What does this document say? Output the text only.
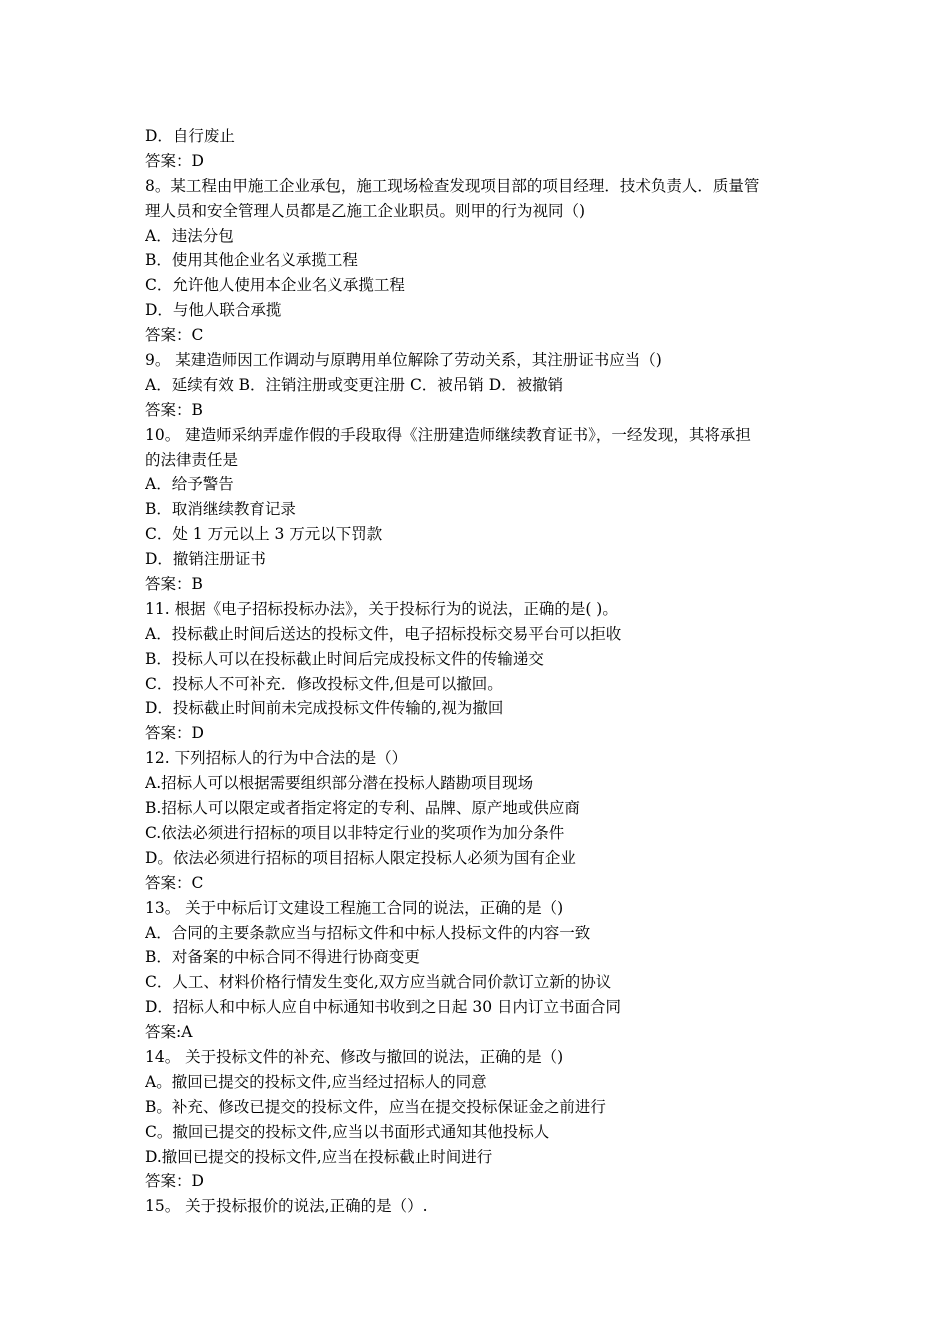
D．自行废止
答案：D
8。某工程由甲施工企业承包，施工现场检查发现项目部的项目经理．技术负责人．质量管
理人员和安全管理人员都是乙施工企业职员。则甲的行为视同（)
A．违法分包
B．使用其他企业名义承揽工程
C．允许他人使用本企业名义承揽工程
D．与他人联合承揽
答案：C
9。 某建造师因工作调动与原聘用单位解除了劳动关系，其注册证书应当（)
A．延续有效 B．注销注册或变更注册 C．被吊销 D．被撤销
答案：B
10。 建造师采纳弄虚作假的手段取得《注册建造师继续教育证书》，一经发现，其将承担
的法律责任是
A．给予警告
B．取消继续教育记录
C．处 1 万元以上 3 万元以下罚款
D．撤销注册证书
答案：B
11. 根据《电子招标投标办法》，关于投标行为的说法，正确的是( )。
A．投标截止时间后送达的投标文件，电子招标投标交易平台可以拒收
B．投标人可以在投标截止时间后完成投标文件的传输递交
C．投标人不可补充．修改投标文件,但是可以撤回。
D．投标截止时间前未完成投标文件传输的,视为撤回
答案：D
12. 下列招标人的行为中合法的是（）
A.招标人可以根据需要组织部分潜在投标人踏勘项目现场
B.招标人可以限定或者指定将定的专利、品牌、原产地或供应商
C.依法必须进行招标的项目以非特定行业的奖项作为加分条件
D。依法必须进行招标的项目招标人限定投标人必须为国有企业
答案：C
13。 关于中标后订文建设工程施工合同的说法，正确的是（)
A．合同的主要条款应当与招标文件和中标人投标文件的内容一致
B．对备案的中标合同不得进行协商变更
C．人工、材料价格行情发生变化,双方应当就合同价款订立新的协议
D．招标人和中标人应自中标通知书收到之日起 30 日内订立书面合同
答案:A
14。 关于投标文件的补充、修改与撤回的说法，正确的是（)
A。撤回已提交的投标文件,应当经过招标人的同意
B。补充、修改已提交的投标文件，应当在提交投标保证金之前进行
C。撤回已提交的投标文件,应当以书面形式通知其他投标人
D.撤回已提交的投标文件,应当在投标截止时间进行
答案：D
15。 关于投标报价的说法,正确的是（）.
